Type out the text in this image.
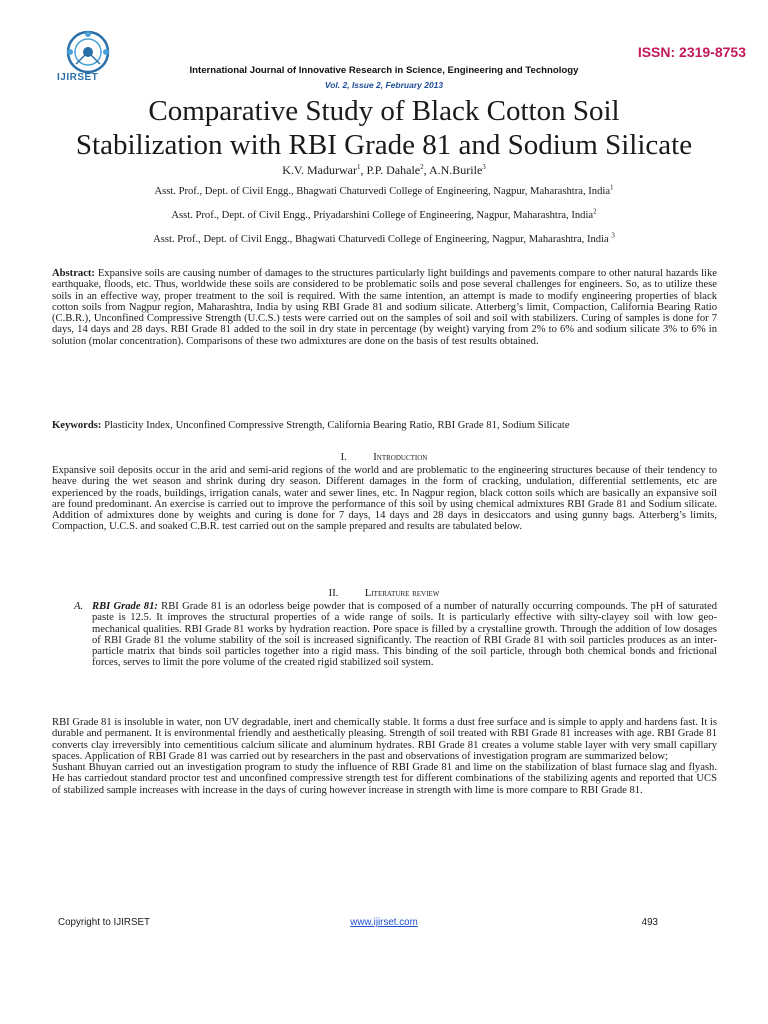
IJIRSET
ISSN: 2319-8753
International Journal of Innovative Research in Science, Engineering and Technology
Vol. 2, Issue 2, February 2013
Comparative Study of Black Cotton Soil
Stabilization with RBI Grade 81 and Sodium Silicate
K.V. Madurwar$^1$, P.P. Dahale$^2$, A.N.Burile$^3$
Asst. Prof., Dept. of Civil Engg., Bhagwati Chaturvedi College of Engineering, Nagpur, Maharashtra, India$^1$
Asst. Prof., Dept. of Civil Engg., Priyadarshini College of Engineering, Nagpur, Maharashtra, India$^2$
Asst. Prof., Dept. of Civil Engg., Bhagwati Chaturvedi College of Engineering, Nagpur, Maharashtra, India $^3$
Abstract: Expansive soils are causing number of damages to the structures particularly light buildings and pavements compare to other natural hazards like earthquake, floods, etc. Thus, worldwide these soils are considered to be problematic soils and pose several challenges for engineers. So, as to utilize these soils in an effective way, proper treatment to the soil is required. With the same intention, an attempt is made to modify engineering properties of black cotton soils from Nagpur region, Maharashtra, India by using RBI Grade 81 and sodium silicate. Atterberg’s limit, Compaction, California Bearing Ratio (C.B.R.), Unconfined Compressive Strength (U.C.S.) tests were carried out on the samples of soil and soil with stabilizers. Curing of samples is done for 7 days, 14 days and 28 days. RBI Grade 81 added to the soil in dry state in percentage (by weight) varying from 2% to 6% and sodium silicate 3% to 6% in solution (molar concentration). Comparisons of these two admixtures are done on the basis of test results obtained.
Keywords: Plasticity Index, Unconfined Compressive Strength, California Bearing Ratio, RBI Grade 81, Sodium Silicate
I. Introduction
Expansive soil deposits occur in the arid and semi-arid regions of the world and are problematic to the engineering structures because of their tendency to heave during the wet season and shrink during dry season. Different damages in the form of cracking, undulation, differential settlements, etc are experienced by the roads, buildings, irrigation canals, water and sewer lines, etc. In Nagpur region, black cotton soils which are basically an expansive soil are found predominant. An exercise is carried out to improve the performance of this soil by using chemical admixtures RBI Grade 81 and Sodium silicate. Addition of admixtures done by weights and curing is done for 7 days, 14 days and 28 days in desiccators and using gunny bags. Atterberg’s limits, Compaction, U.C.S. and soaked C.B.R. test carried out on the sample prepared and results are tabulated below.
II. Literature review
A. RBI Grade 81: RBI Grade 81 is an odorless beige powder that is composed of a number of naturally occurring compounds. The pH of saturated paste is 12.5. It improves the structural properties of a wide range of soils. It is particularly effective with silty-clayey soil with low geo-mechanical qualities. RBI Grade 81 works by hydration reaction. Pore space is filled by a crystalline growth. Through the addition of low dosages of RBI Grade 81 the volume stability of the soil is increased significantly. The reaction of RBI Grade 81 with soil particles produces as an inter-particle matrix that binds soil particles together into a rigid mass. This binding of the soil particle, through both chemical bonds and frictional forces, serves to limit the pore volume of the created rigid stabilized soil system.
RBI Grade 81 is insoluble in water, non UV degradable, inert and chemically stable. It forms a dust free surface and is simple to apply and hardens fast. It is durable and permanent. It is environmental friendly and aesthetically pleasing. Strength of soil treated with RBI Grade 81 increases with age. RBI Grade 81 converts clay irreversibly into cementitious calcium silicate and aluminum hydrates. RBI Grade 81 creates a volume stable layer with very small capillary spaces. Application of RBI Grade 81 was carried out by researchers in the past and observations of investigation program are summarized below;
Sushant Bhuyan carried out an investigation program to study the influence of RBI Grade 81 and lime on the stabilization of blast furnace slag and flyash. He has carriedout standard proctor test and unconfined compressive strength test for different combinations of the stabilizing agents and reported that UCS of stabilized sample increases with increase in the days of curing however increase in strength with lime is more compare to RBI Grade 81.
Copyright to IJIRSET	www.ijirset.com	493
